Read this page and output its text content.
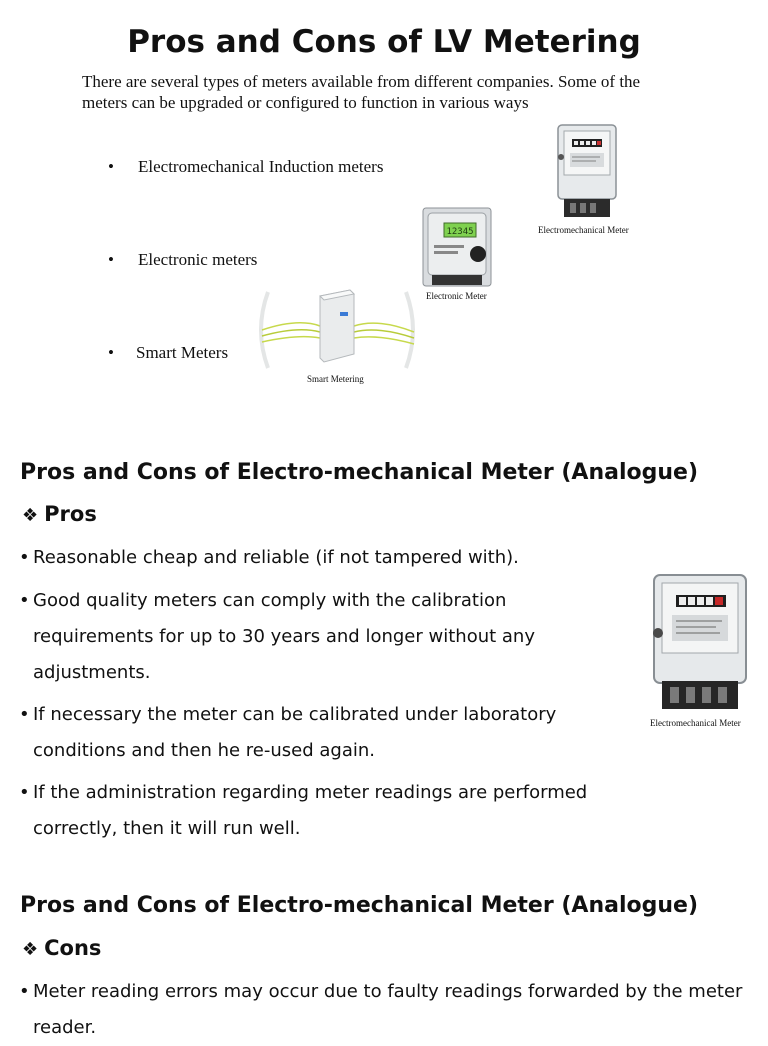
Pros and Cons of LV Metering
There are several types of meters available from different companies. Some of the meters can be upgraded or configured to function in various ways
• Electromechanical Induction meters
• Electronic meters
• Smart Meters
Electromechanical Meter
12345
Electronic Meter
Smart Metering
Pros and Cons of Electro-mechanical Meter (Analogue)
❖ Pros
• Reasonable cheap and reliable (if not tampered with).
• Good quality meters can comply with the calibration requirements for up to 30 years and longer without any adjustments.
• If necessary the meter can be calibrated under laboratory conditions and then he re-used again.
• If the administration regarding meter readings are performed correctly, then it will run well.
Electromechanical Meter
Pros and Cons of Electro-mechanical Meter (Analogue)
❖ Cons
• Meter reading errors may occur due to faulty readings forwarded by the meter reader.
